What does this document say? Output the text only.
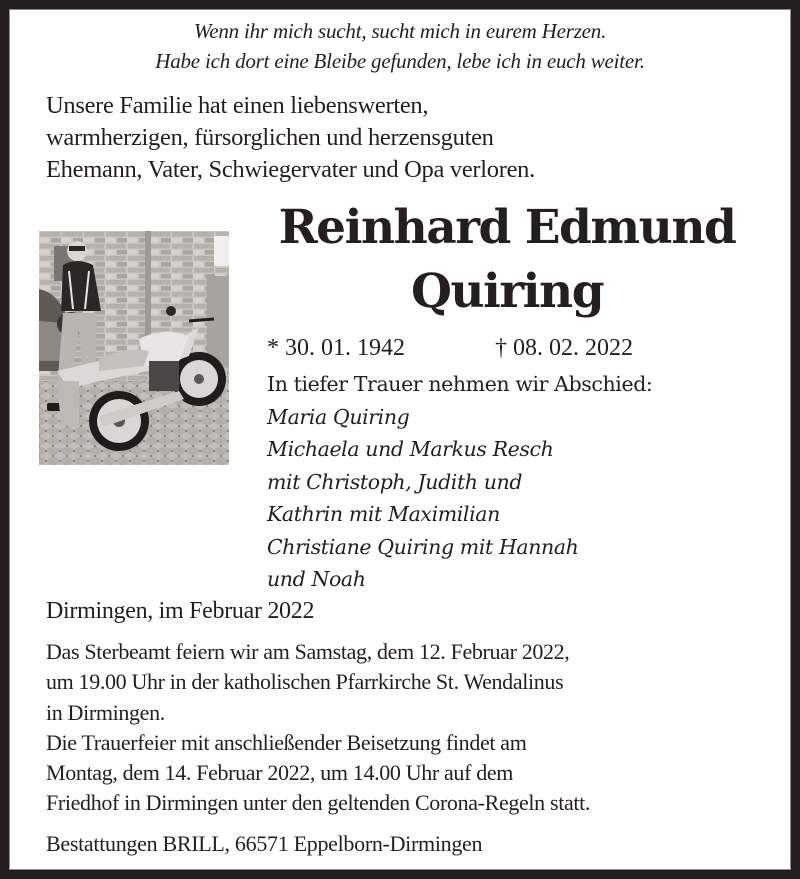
Wenn ihr mich sucht, sucht mich in eurem Herzen.
Habe ich dort eine Bleibe gefunden, lebe ich in euch weiter.
Unsere Familie hat einen liebenswerten,
warmherzigen, fürsorglichen und herzensguten
Ehemann, Vater, Schwiegervater und Opa verloren.
Reinhard Edmund
Quiring
* 30. 01. 1942	† 08. 02. 2022
In tiefer Trauer nehmen wir Abschied:
Maria Quiring
Michaela und Markus Resch
mit Christoph, Judith und
Kathrin mit Maximilian
Christiane Quiring mit Hannah
und Noah
Dirmingen, im Februar 2022
Das Sterbeamt feiern wir am Samstag, dem 12. Februar 2022,
um 19.00 Uhr in der katholischen Pfarrkirche St. Wendalinus
in Dirmingen.
Die Trauerfeier mit anschließender Beisetzung findet am
Montag, dem 14. Februar 2022, um 14.00 Uhr auf dem
Friedhof in Dirmingen unter den geltenden Corona-Regeln statt.
Bestattungen BRILL, 66571 Eppelborn-Dirmingen
